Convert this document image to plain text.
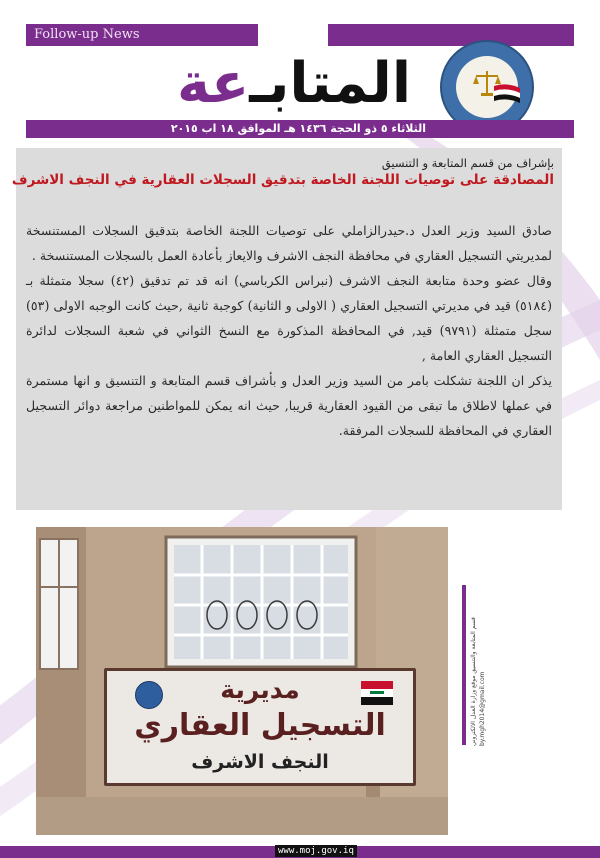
Follow-up News
المتابـ
عة
الثلاثاء ٥ ذو الحجة ١٤٣٦ هـ الموافق ١٨ اب ٢٠١٥
بإشراف من قسم المتابعة و التنسيق
المصادقة على توصيات اللجنة الخاصة بتدقيق السجلات العقارية في النجف الاشرف

صادق السيد وزير العدل د.حيدرالزاملي على توصيات اللجنة الخاصة بتدقيق السجلات المستنسخة لمديريتي التسجيل العقاري في محافظة النجف الاشرف والايعاز بأعادة العمل بالسجلات المستنسخة .

وقال عضو وحدة متابعة النجف الاشرف (نبراس الكرباسي) انه قد تم تدقيق (٤٢) سجلا متمثلة بـ (٥١٨٤) قيد في مديرتي التسجيل العقاري ( الاولى و الثانية) كوجبة ثانية ,حيث كانت الوجبه الاولى (٥٣) سجل متمثلة (٩٧٩١) قيد, في المحافظة المذكورة مع النسخ الثواني في شعبة السجلات لدائرة التسجيل العقاري العامة ,

يذكر ان اللجنة تشكلت بامر من السيد وزير العدل و بأشراف قسم المتابعة و التنسيق و انها مستمرة في عملها لاطلاق ما تبقى من القيود العقارية قريبا, حيث انه يمكن للمواطنين مراجعة دوائر التسجيل العقاري في المحافظة للسجلات المرفقة.

مديرية
التسجيل العقاري
النجف الاشرف
قسم المتابعة والتنسيق موقع وزارة العدل الالكتروني by.mgh2014@gmail.com
www.moj.gov.iq
